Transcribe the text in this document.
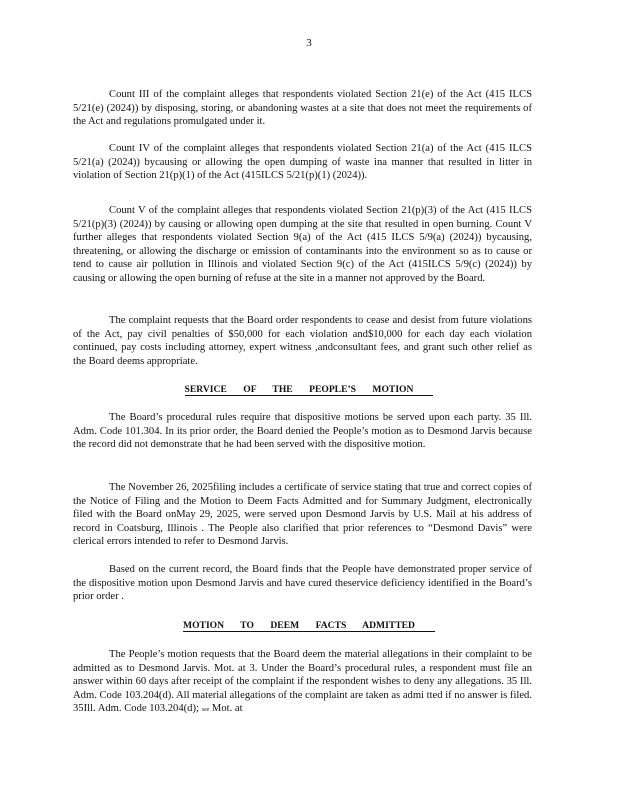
3

Count III of the complaint alleges that respondents violated Section 21(e) of the Act (415 ILCS 5/21(e) (2024)) by disposing, storing, or abandoning wastes at a site that does not meet the requirements of the Act and regulations promulgated under it.

Count IV of the complaint alleges that respondents violated Section 21(a) of the Act (415 ILCS 5/21(a) (2024)) bycausing or allowing the open dumping of waste ina manner that resulted in litter in violation of Section 21(p)(1) of the Act (415ILCS 5/21(p)(1) (2024)).

Count V of the complaint alleges that respondents violated Section 21(p)(3) of the Act (415 ILCS 5/21(p)(3) (2024)) by causing or allowing open dumping at the site that resulted in open burning. Count V further alleges that respondents violated Section 9(a) of the Act (415 ILCS 5/9(a) (2024)) bycausing, threatening, or allowing the discharge or emission of contaminants into the environment so as to cause or tend to cause air pollution in Illinois and violated Section 9(c) of the Act (415ILCS 5/9(c) (2024)) by causing or allowing the open burning of refuse at the site in a manner not approved by the Board.

The complaint requests that the Board order respondents to cease and desist from future violations of the Act, pay civil penalties of $50,000 for each violation and$10,000 for each day each violation continued, pay costs including attorney, expert witness ,andconsultant fees, and grant such other relief as the Board deems appropriate.

SERVICE OF THE PEOPLE’S MOTION

The Board’s procedural rules require that dispositive motions be served upon each party. 35 Ill. Adm. Code 101.304. In its prior order, the Board denied the People’s motion as to Desmond Jarvis because the record did not demonstrate that he had been served with the dispositive motion.

The November 26, 2025filing includes a certificate of service stating that true and correct copies of the Notice of Filing and the Motion to Deem Facts Admitted and for Summary Judgment, electronically filed with the Board onMay 29, 2025, were served upon Desmond Jarvis by U.S. Mail at his address of record in Coatsburg, Illinois . The People also clarified that prior references to “Desmond Davis” were clerical errors intended to refer to Desmond Jarvis.

Based on the current record, the Board finds that the People have demonstrated proper service of the dispositive motion upon Desmond Jarvis and have cured theservice deficiency identified in the Board’s prior order .

MOTION TO DEEM FACTS ADMITTED

The People’s motion requests that the Board deem the material allegations in their complaint to be admitted as to Desmond Jarvis. Mot. at 3. Under the Board’s procedural rules, a respondent must file an answer within 60 days after receipt of the complaint if the respondent wishes to deny any allegations. 35 Ill. Adm. Code 103.204(d). All material allegations of the complaint are taken as admi tted if no answer is filed. 35Ill. Adm. Code 103.204(d); see Mot. at
